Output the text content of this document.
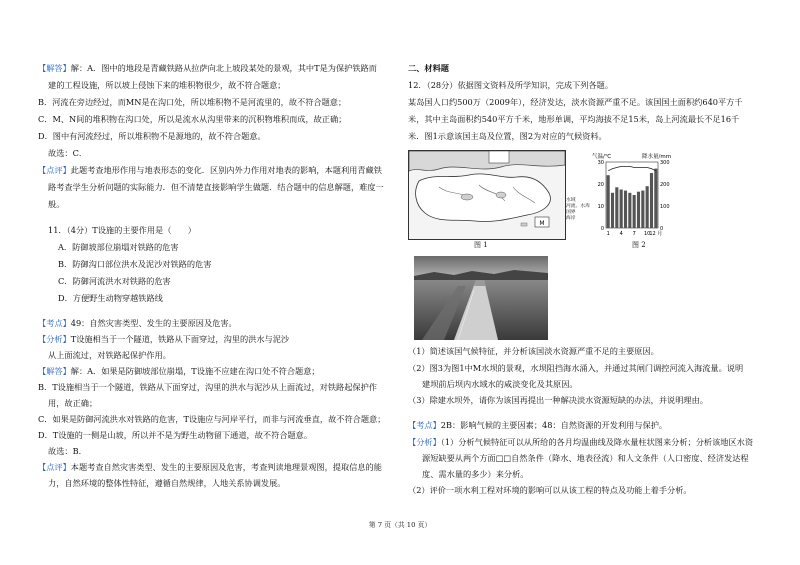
【解答】解：A．图中的地段是青藏铁路从拉萨向北上坡段某处的景观，其中T是为保护铁路而
建的工程设施，所以坡上侵蚀下来的堆积物很少，故不符合题意；
B．河流在旁边经过，而MN是在沟口处，所以堆积物不是河流里的，故不符合题意；
C．M、N间的堆积物在沟口处，所以是流水从沟里带来的沉积物堆积而成，故正确；
D．图中有河流经过，所以堆积物不是源地的，故不符合题意。
故选：C．
【点评】此题考查地形作用与地表形态的变化．区别内外力作用对地表的影响，本题利用青藏铁
路考查学生分析问题的实际能力．但不清楚直接影响学生做题．结合题中的信息解题，难度一
般。
11．（4分）T设施的主要作用是（　　）
A．防御坡部位崩塌对铁路的危害
B．防御沟口部位洪水及泥沙对铁路的危害
C．防御河流洪水对铁路的危害
D．方便野生动物穿越铁路线
【考点】49：自然灾害类型、发生的主要原因及危害。
【分析】T设施相当于一个隧道，铁路从下面穿过，沟里的洪水与泥沙
从上面流过，对铁路起保护作用。
【解答】解：A．如果是防御坡部位崩塌，T设施不应建在沟口处不符合题意；
B．T设施相当于一个隧道，铁路从下面穿过，沟里的洪水与泥沙从上面流过，对铁路起保护作
用，故正确；
C．如果是防御河流洪水对铁路的危害，T设施应与河岸平行，而非与河流垂直，故不符合题意；
D．T设施的一侧是山坡，所以并不是为野生动物留下通道，故不符合题意。
故选：B．
【点评】本题考查自然灾害类型、发生的主要原因及危害，考查判读地理景观图，提取信息的能
力，自然环境的整体性特征，遵循自然规律，人地关系协调发展。
二、材料题
12．（28分）依据图文资料及所学知识，完成下列各题。
某岛国人口约500万（2009年），经济发达，淡水资源严重不足。该国国土面积约640平方千
米，其中主岛面积约540平方千米，地形单调，平均海拔不足15米，岛上河流最长不足16千
米．图1示意该国主岛及位置，图2为对应的气候资料。
M
图 1
水域
河流、水库
国界
海岸
气温/℃	降水量/mm
30
20
10
0
300
200
100
0
1 4 7 10 12 月
图 2
（1）简述该国气候特征，并分析该国淡水资源严重不足的主要原因。
（2）图3为图1中M水坝的景观，水坝阻挡海水涌入，并通过其闸门调控河流入海流量。说明
建坝前后坝内水域水的咸淡变化及其原因。
（3）除建水坝外，请你为该国再提出一种解决淡水资源短缺的办法，并说明理由。
【考点】2B：影响气候的主要因素；48：自然资源的开发利用与保护。
【分析】（1）分析气候特征可以从所给的各月均温曲线及降水量柱状图来分析；分析该地区水资
源短缺要从两个方面□□自然条件（降水、地表径流）和人文条件（人口密度、经济发达程
度、需水量的多少）来分析。
（2）评价一项水利工程对环境的影响可以从该工程的特点及功能上着手分析。
第 7 页（共 10 页）
